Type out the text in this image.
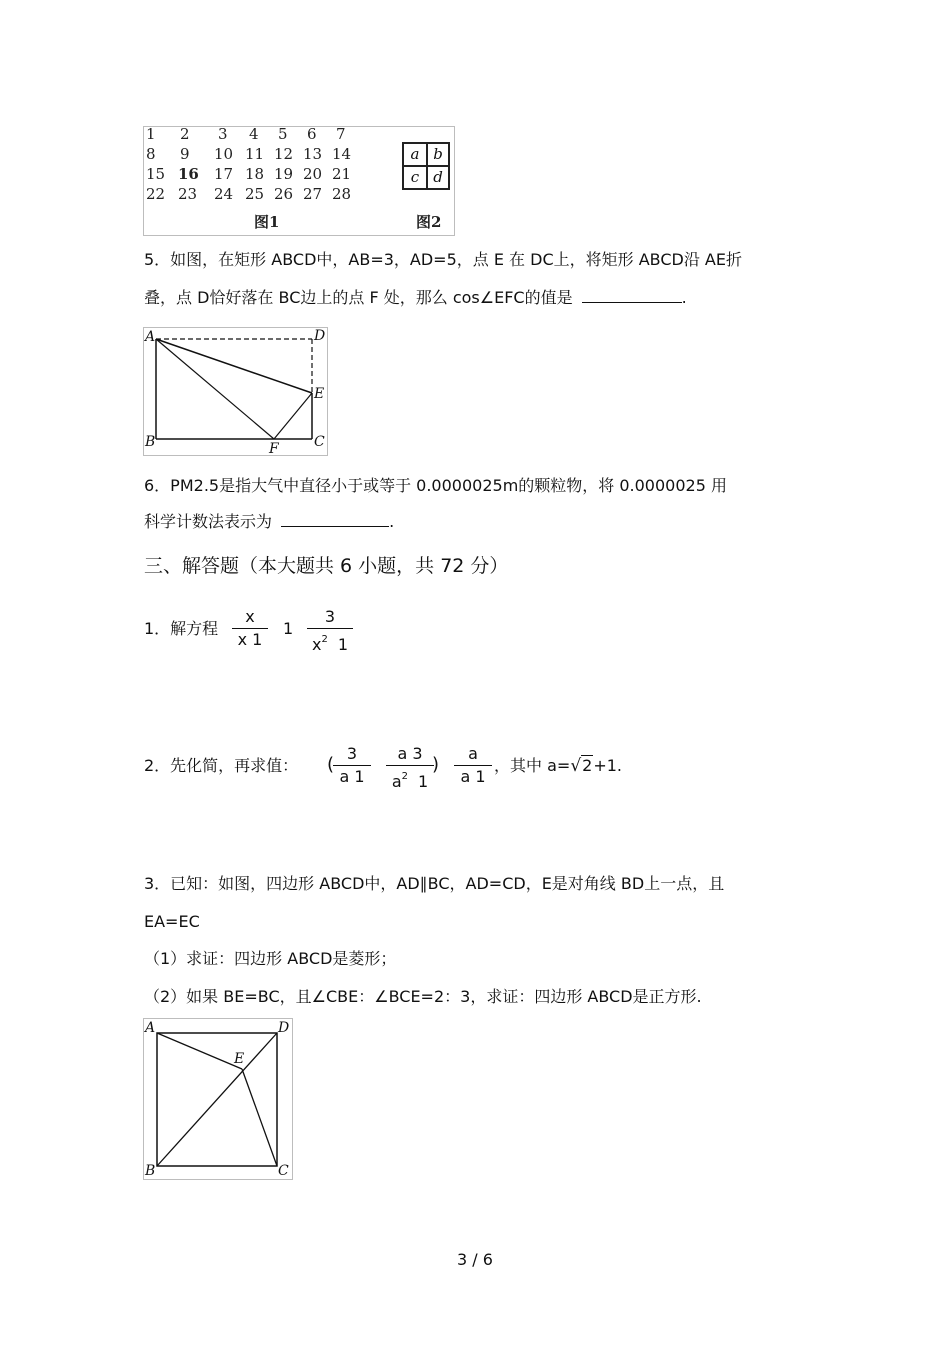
1 2 3 4 5 6 7
8 9 10 11 12 13 14
15 16 17 18 19 20 21
22 23 24 25 26 27 28
图1	图2
a b
c d
5．如图，在矩形 ABCD中，AB=3，AD=5，点 E 在 DC上，将矩形 ABCD沿 AE折
叠，点 D恰好落在 BC边上的点 F 处，那么 cos∠EFC的值是	.
A	D
E
B	F	C
6．PM2.5是指大气中直径小于或等于 0.0000025m的颗粒物，将 0.0000025 用
科学计数法表示为	.
三、解答题（本大题共 6 小题，共 72 分）
1．解方程
x
x 1
1
3
$x^2$ 1
2．先化简，再求值： (
3
a 1
a 3
$a^2$ 1
)
a
a 1
，其中 a=√2+1.
3．已知：如图，四边形 ABCD中，AD∥BC，AD=CD，E是对角线 BD上一点，且
EA=EC
（1）求证：四边形 ABCD是菱形；
（2）如果 BE=BC，且∠CBE：∠BCE=2：3，求证：四边形 ABCD是正方形.
A	D
E
B	C
3 / 6
